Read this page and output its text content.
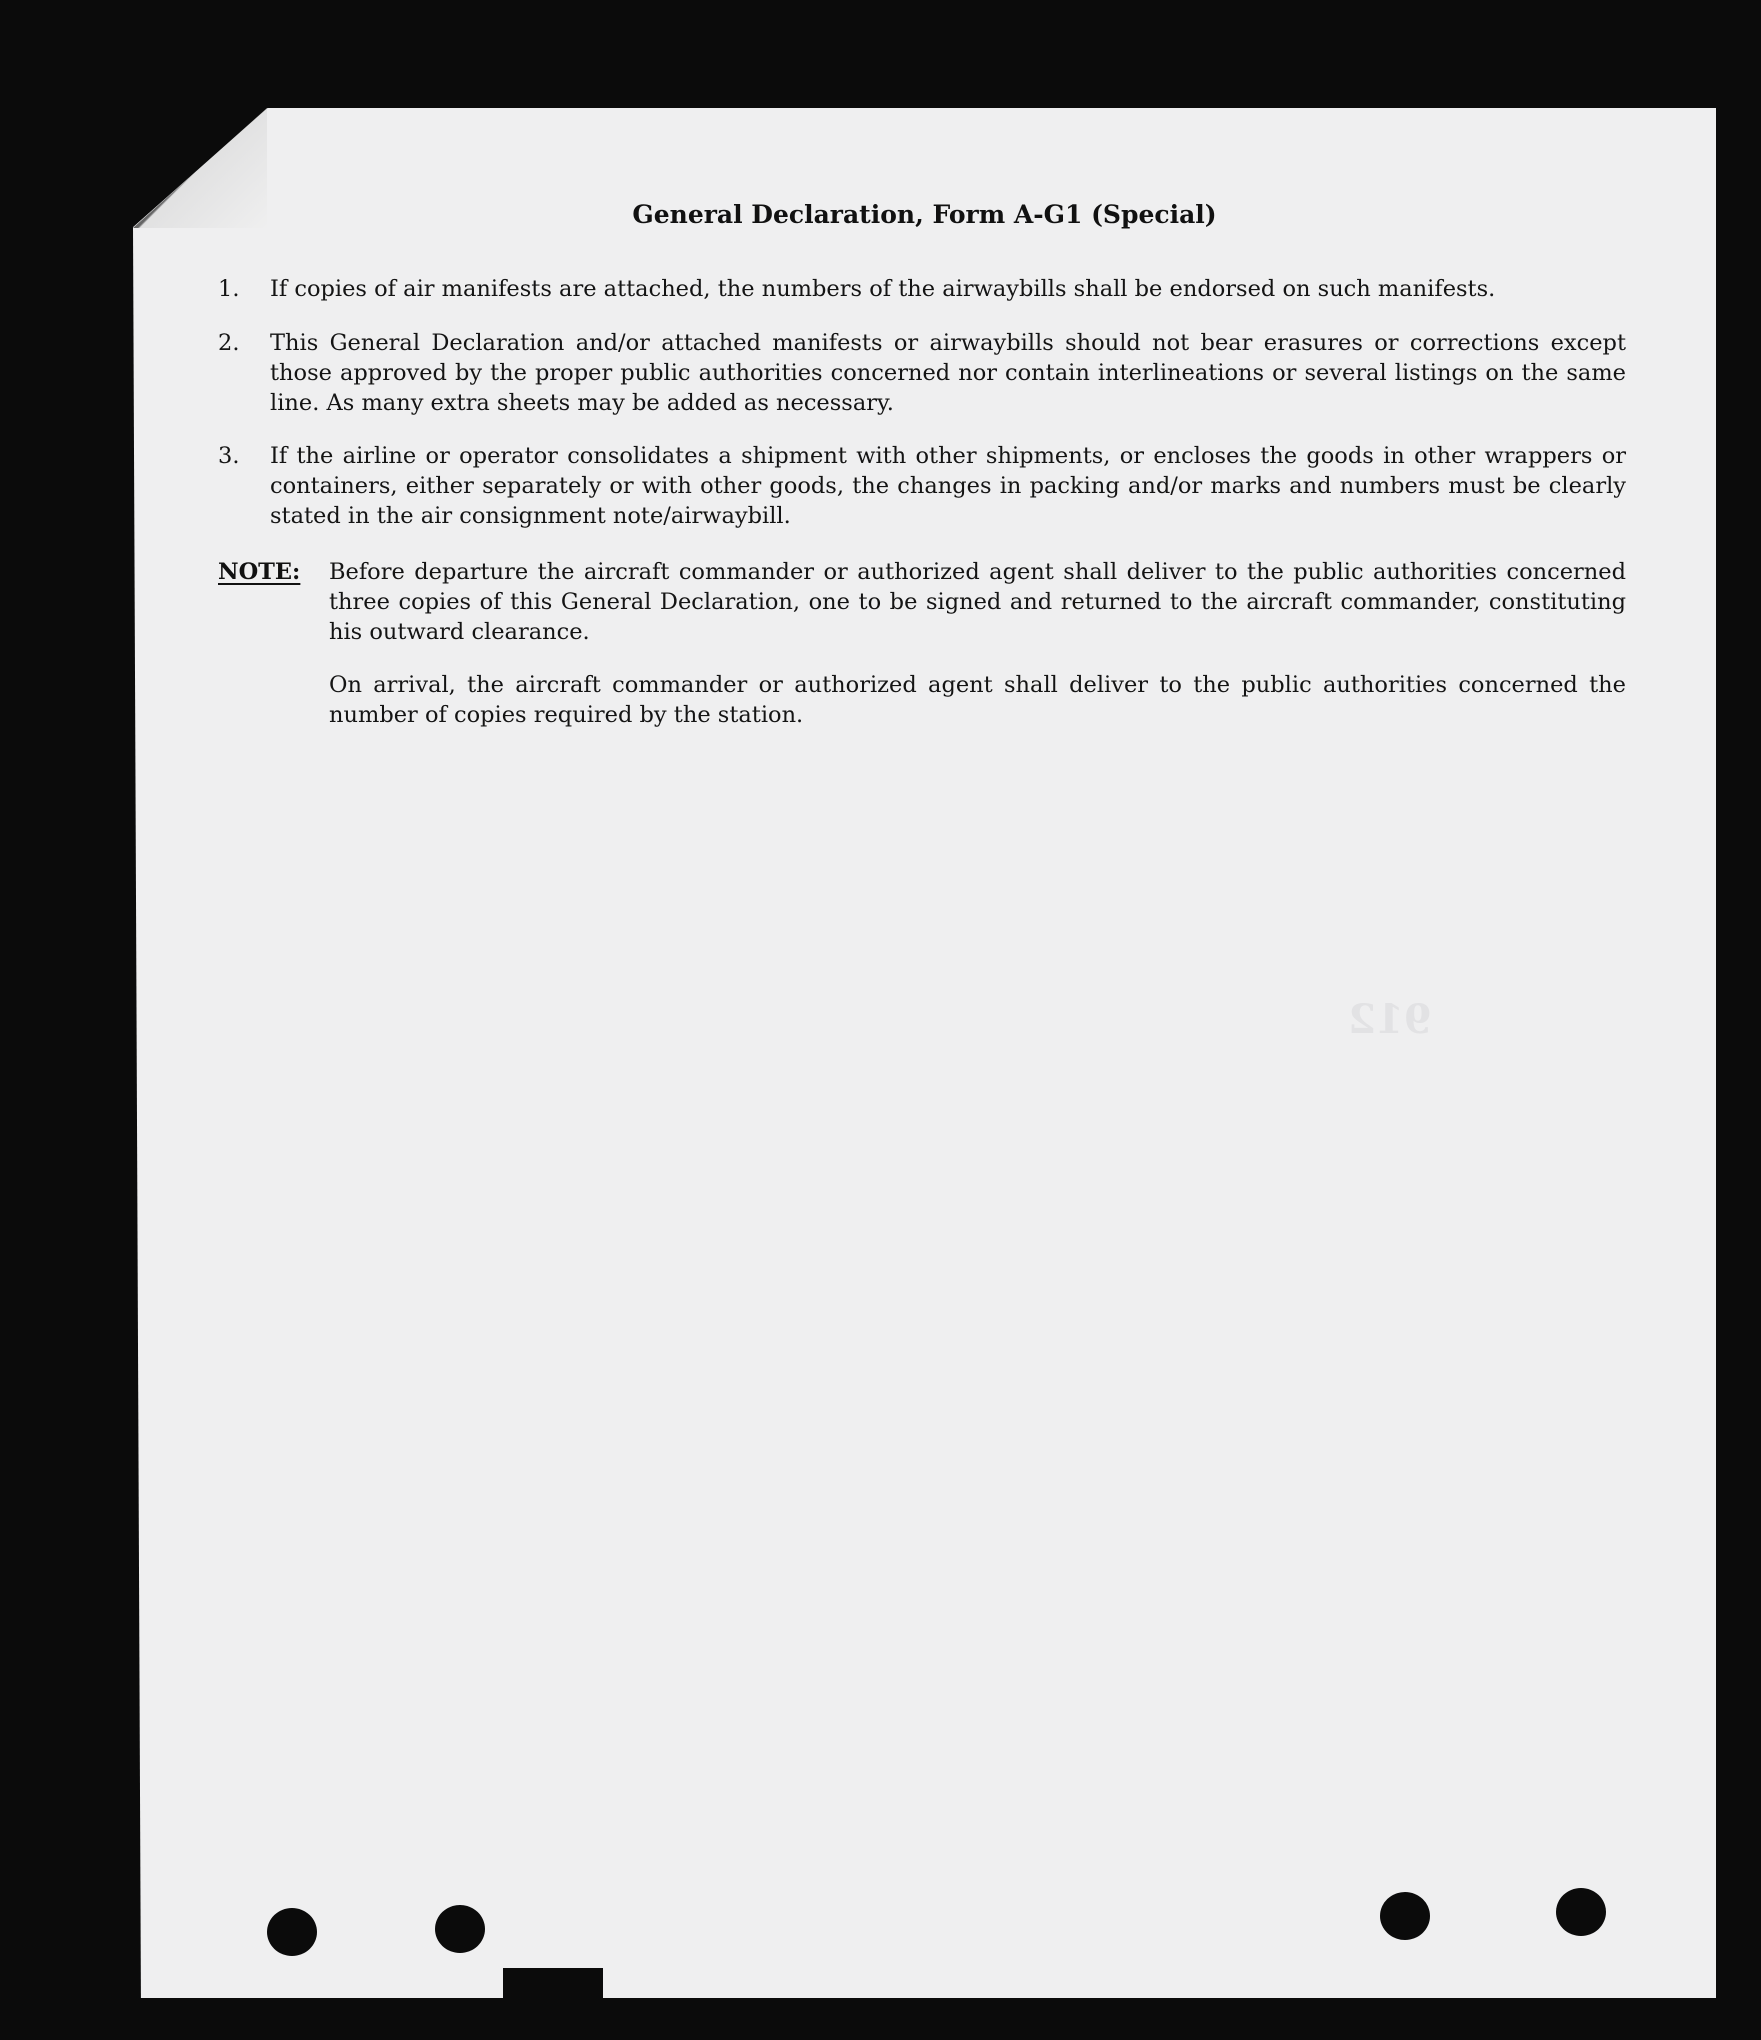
General Declaration, Form A-G1 (Special)
1.	If copies of air manifests are attached, the numbers of the airwaybills shall be endorsed on such manifests.
2.	This General Declaration and/or attached manifests or airwaybills should not bear erasures or corrections except those approved by the proper public authorities concerned nor contain interlineations or several listings on the same line. As many extra sheets may be added as necessary.
3.	If the airline or operator consolidates a shipment with other shipments, or encloses the goods in other wrappers or containers, either separately or with other goods, the changes in packing and/or marks and numbers must be clearly stated in the air consignment note/airwaybill.
NOTE: Before departure the aircraft commander or authorized agent shall deliver to the public authorities concerned three copies of this General Declaration, one to be signed and returned to the aircraft commander, constituting his outward clearance.
On arrival, the aircraft commander or authorized agent shall deliver to the public authorities concerned the number of copies required by the station.
912
